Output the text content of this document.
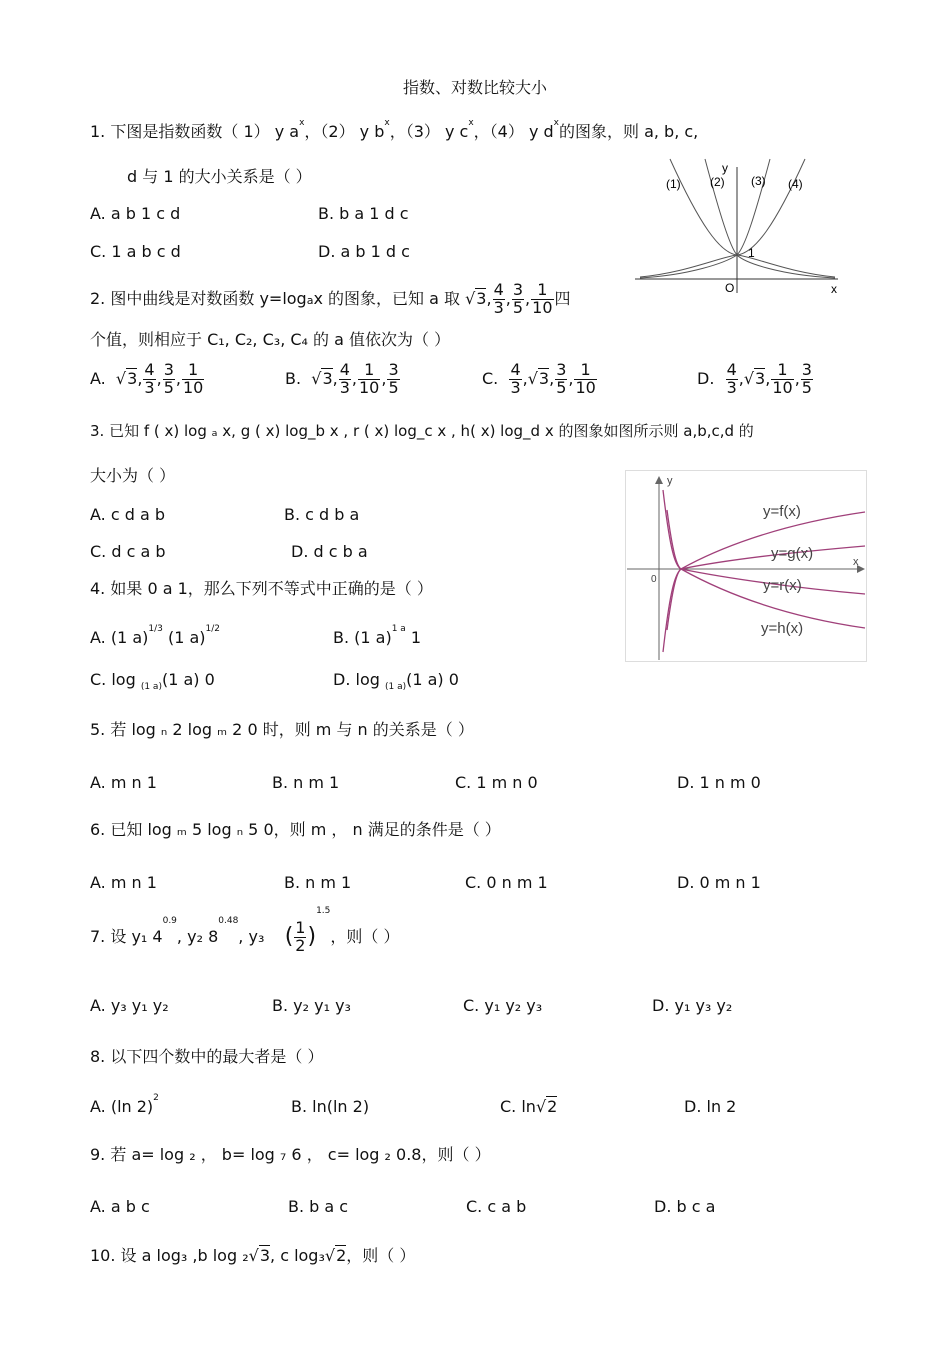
指数、对数比较大小
1. 下图是指数函数（ 1） y $a^x$，（2） y $b^x$，（3） y $c^x$，（4） y $d^x$的图象，则 a, b, c,
d 与 1 的大小关系是（ ）
A. a b 1 c d	B. b a 1 d c
C. 1 a b c d	D. a b 1 d c
(1) (2) (3) (4)
y
x
O
1
2. 图中曲线是对数函数 y=logax 的图象，已知 a 取 √3, $\frac{4}{3}$ , $\frac{3}{5}$ , $\frac{1}{10}$ 四
个值，则相应于 C₁, C₂, C₃, C₄ 的 a 值依次为（ ）
A.  √3, $\frac{4}{3}$ , $\frac{3}{5}$ , $\frac{1}{10}$	B.  √3, $\frac{4}{3}$ , $\frac{1}{10}$ , $\frac{3}{5}$	C. $\frac{4}{3} ,√3$, $\frac{3}{5}$ , $\frac{1}{10}$	D. $\frac{4}{3} ,√3$, $\frac{1}{10}$ , $\frac{3}{5}$
3. 已知 f ( x) log ₐ x, g ( x) log_b x , r ( x) log_c x , h( x) log_d x 的图象如图所示则 a,b,c,d 的
大小为（ ）
A. c d a b	B. c d b a
C. d c a b	D. d c b a
y=f(x)
y=g(x)
y=r(x)
y=h(x)
y
x
0
4. 如果 0 a 1，那么下列不等式中正确的是（ ）
A. (1 a)$^{1/3}$ (1 a)$^{1/2}$	B. (1 a)$^{1 a}$ 1
C. log (1 a)(1 a) 0	D. log (1 a)(1 a) 0
5. 若 log ₙ 2 log ₘ 2 0 时，则 m 与 n 的关系是（ ）
A. m n 1	B. n m 1	C. 1 m n 0	D. 1 n m 0
6. 已知 log ₘ 5 log ₙ 5 0，则 m ， n 满足的条件是（ ）
A. m n 1	B. n m 1	C. 0 n m 1	D. 0 m n 1
7. 设 y₁ $4^{0.9}$, y₂ $8^{0.48}$, y₃ ( $\frac{1}{2} )^{1.5}$，则（ ）
A. y₃ y₁ y₂	B. y₂ y₁ y₃	C. y₁ y₂ y₃	D. y₁ y₃ y₂
8. 以下四个数中的最大者是（ ）
A. (ln 2)$^2$	B. ln(ln 2)	C. ln√2	D. ln 2
9. 若 a= log ₂ ， b= log ₇ 6 ， c= log ₂ 0.8，则（ ）
A. a b c	B. b a c	C. c a b	D. b c a
10. 设 a log₃ ,b log ₂√3, c log₃√2，则（ ）
